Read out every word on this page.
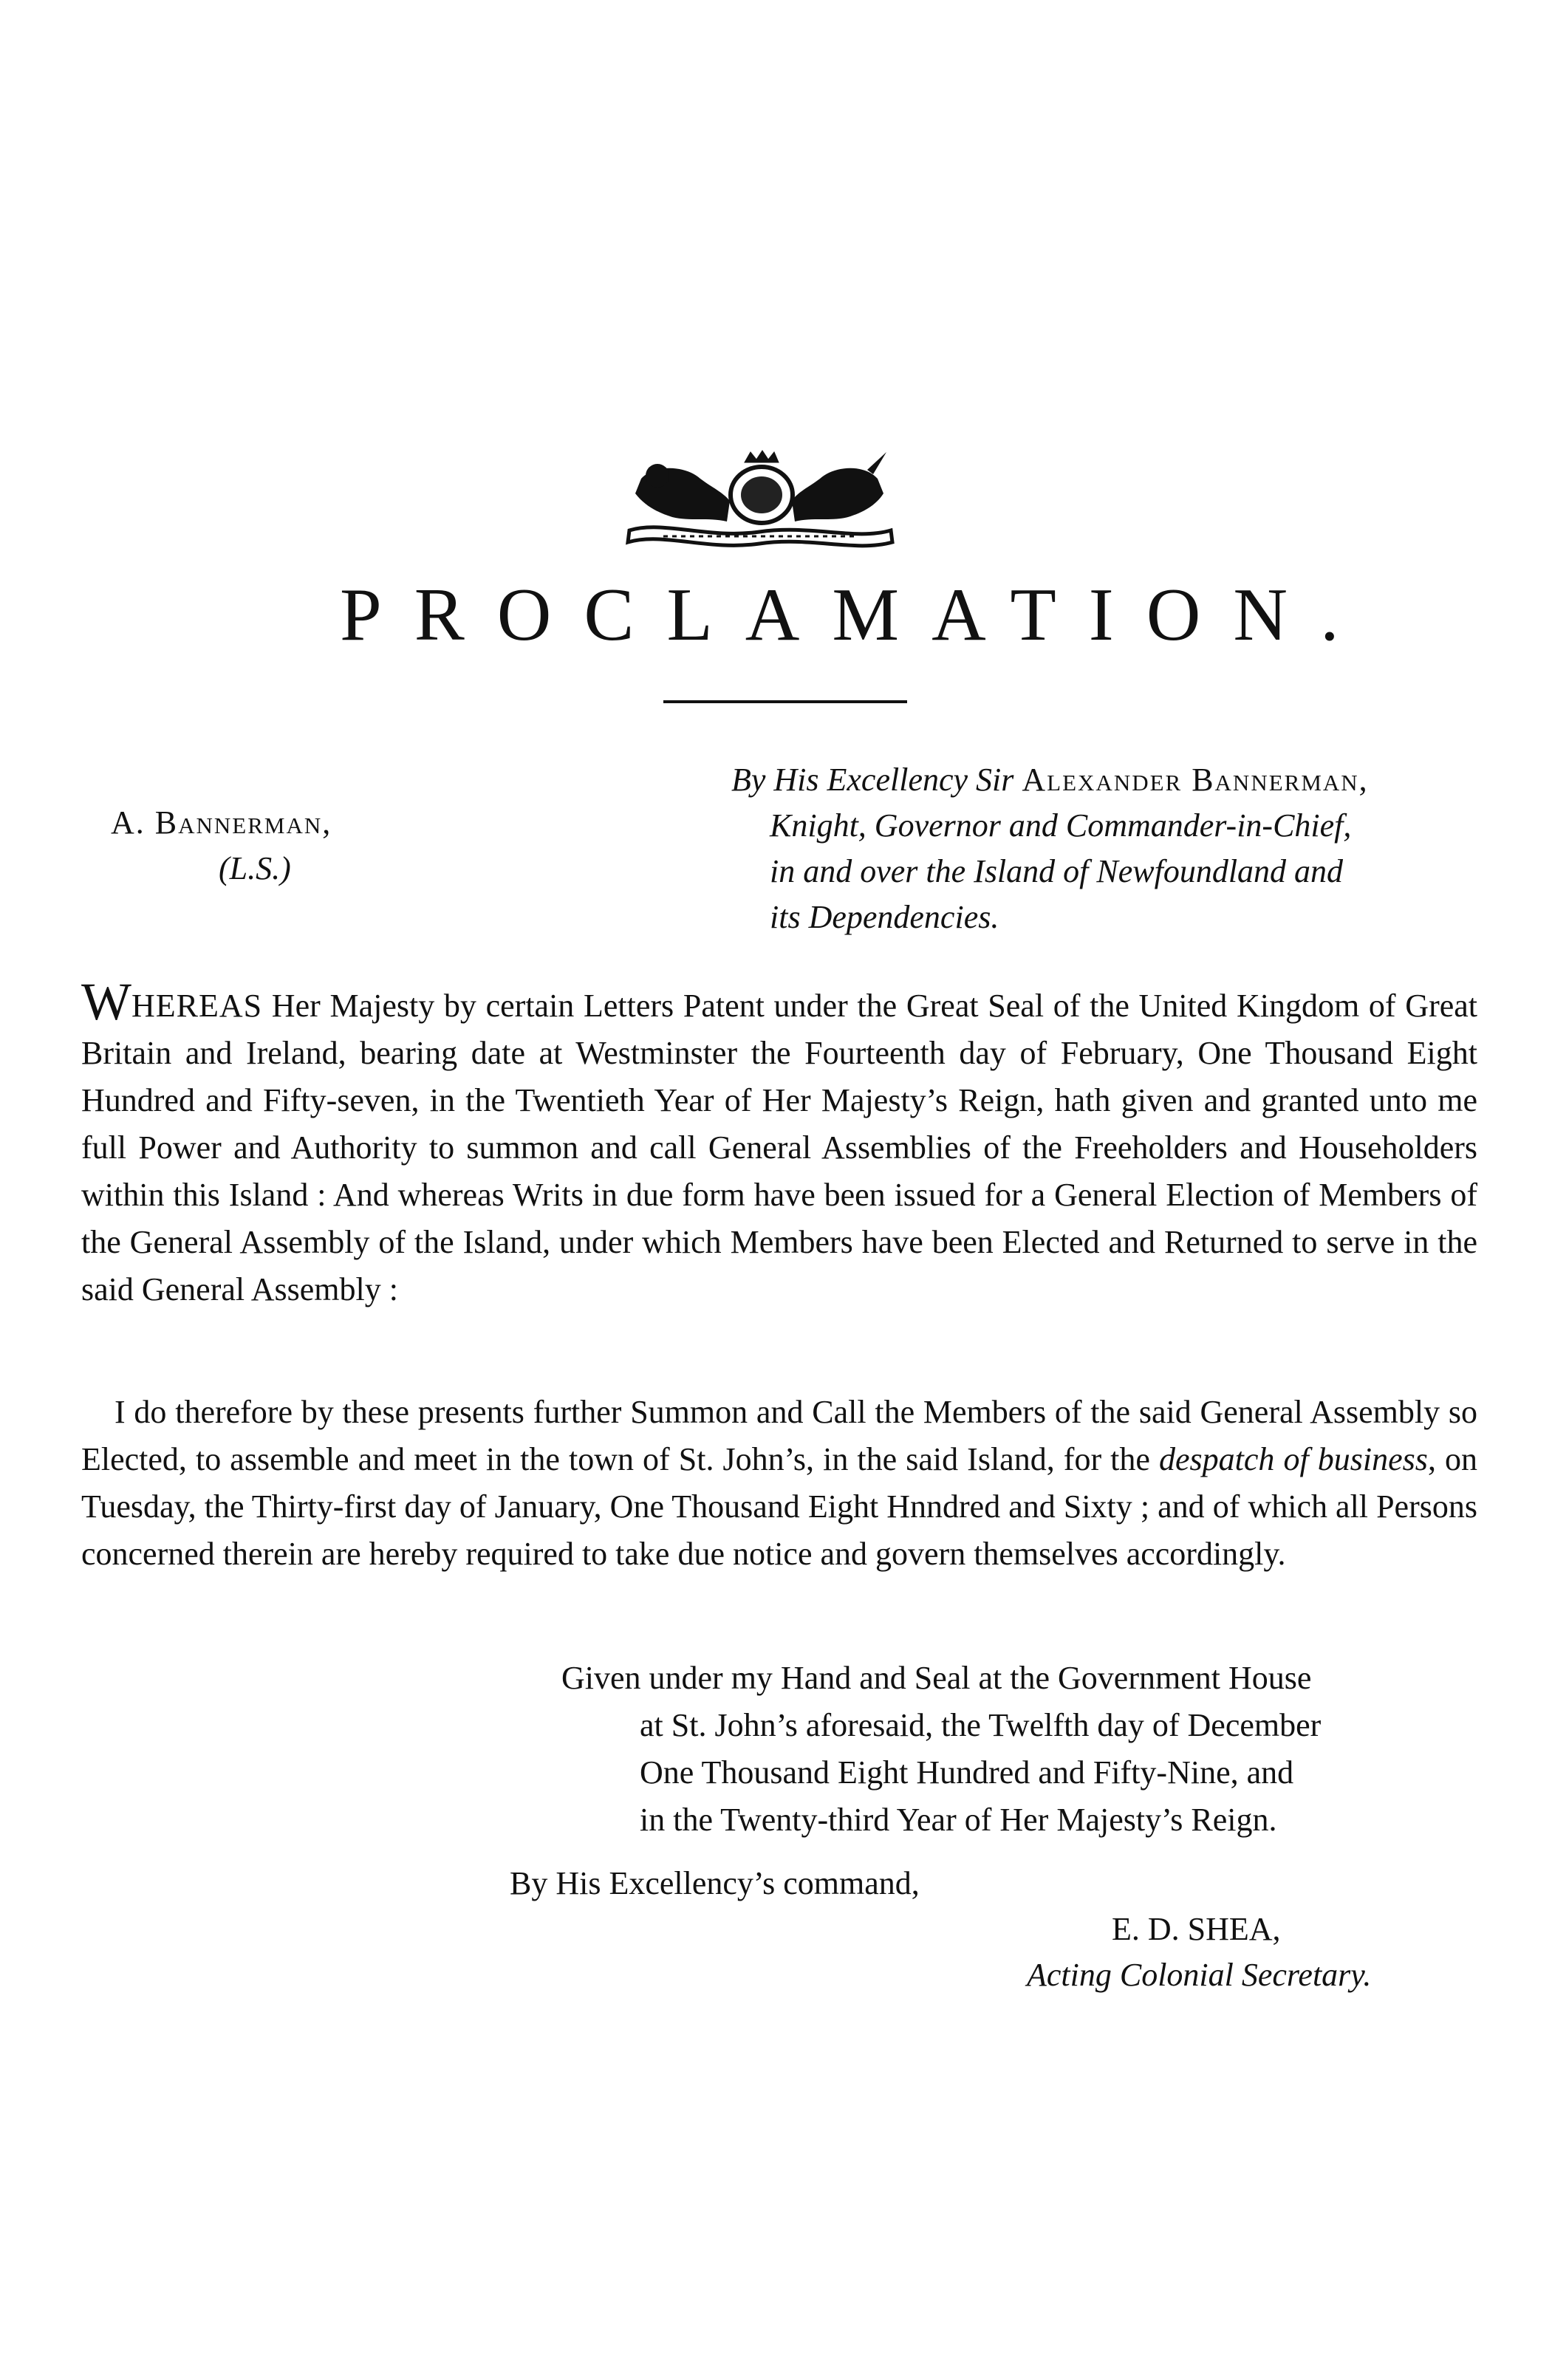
PROCLAMATION.
A. Bannerman,
(L.S.)
By His Excellency Sir Alexander Bannerman,
Knight, Governor and Commander-in-Chief,
in and over the Island of Newfoundland and
its Dependencies.
WHEREAS Her Majesty by certain Letters Patent under the Great Seal of the United Kingdom of Great Britain and Ireland, bearing date at Westminster the Fourteenth day of February, One Thousand Eight Hundred and Fifty-seven, in the Twentieth Year of Her Majesty’s Reign, hath given and granted unto me full Power and Authority to summon and call General Assemblies of the Freeholders and Householders within this Island : And whereas Writs in due form have been issued for a General Election of Members of the General Assembly of the Island, under which Members have been Elected and Returned to serve in the said General Assembly :
I do therefore by these presents further Summon and Call the Members of the said General Assembly so Elected, to assemble and meet in the town of St. John’s, in the said Island, for the despatch of business, on Tuesday, the Thirty-first day of January, One Thousand Eight Hnndred and Sixty ; and of which all Persons concerned therein are hereby required to take due notice and govern themselves accordingly.
Given under my Hand and Seal at the Government House
at St. John’s aforesaid, the Twelfth day of December
One Thousand Eight Hundred and Fifty-Nine, and
in the Twenty-third Year of Her Majesty’s Reign.
By His Excellency’s command,
E. D. SHEA,
Acting Colonial Secretary.
